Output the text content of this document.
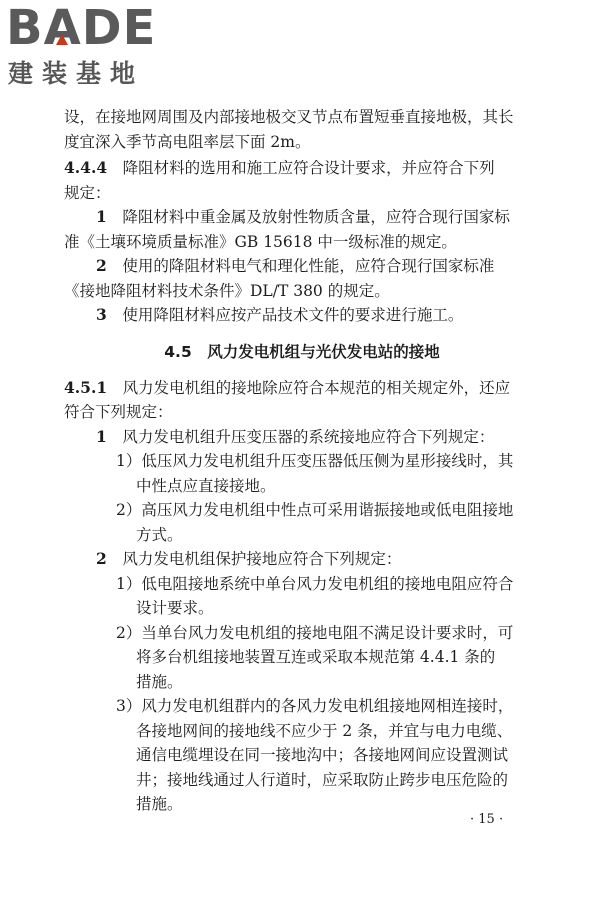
BADE
建装基地
设，在接地网周围及内部接地极交叉节点布置短垂直接地极，其长
度宜深入季节高电阻率层下面 2m。
4.4.4　 降阻材料的选用和施工应符合设计要求，并应符合下列
规定：
1　 降阻材料中重金属及放射性物质含量，应符合现行国家标
准《土壤环境质量标准》GB 15618 中一级标准的规定。
2　 使用的降阻材料电气和理化性能，应符合现行国家标准
《接地降阻材料技术条件》DL/T 380 的规定。
3　 使用降阻材料应按产品技术文件的要求进行施工。
4.5　风力发电机组与光伏发电站的接地
4.5.1　 风力发电机组的接地除应符合本规范的相关规定外，还应
符合下列规定：
1　 风力发电机组升压变压器的系统接地应符合下列规定：
1）低压风力发电机组升压变压器低压侧为星形接线时，其
中性点应直接接地。
2）高压风力发电机组中性点可采用谐振接地或低电阻接地
方式。
2　 风力发电机组保护接地应符合下列规定：
1）低电阻接地系统中单台风力发电机组的接地电阻应符合
设计要求。
2）当单台风力发电机组的接地电阻不满足设计要求时，可
将多台机组接地装置互连或采取本规范第 4.4.1 条的
措施。
3）风力发电机组群内的各风力发电机组接地网相连接时，
各接地网间的接地线不应少于 2 条，并宜与电力电缆、
通信电缆埋设在同一接地沟中；各接地网间应设置测试
井；接地线通过人行道时，应采取防止跨步电压危险的
措施。
· 15 ·
